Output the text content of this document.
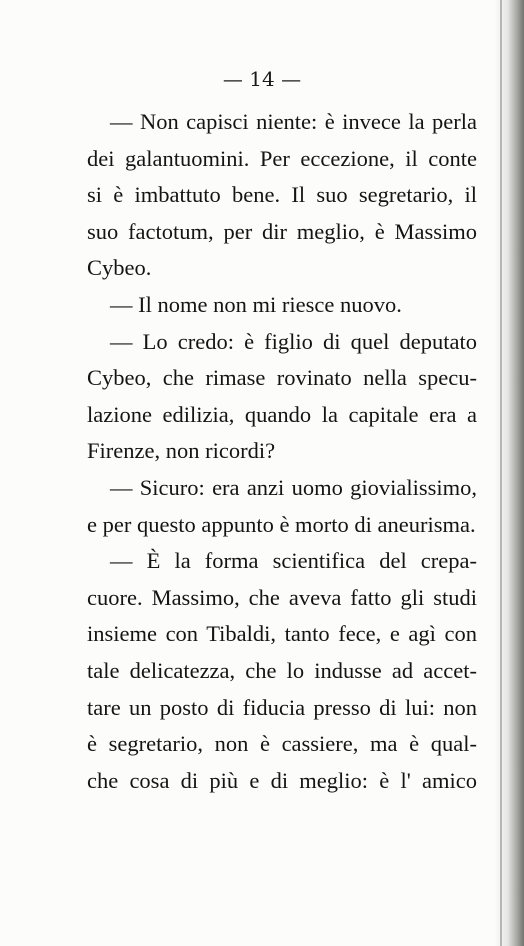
— 14 —
— Non capisci niente: è invece la perla
dei galantuomini. Per eccezione, il conte
si è imbattuto bene. Il suo segretario, il
suo factotum, per dir meglio, è Massimo
Cybeo.
— Il nome non mi riesce nuovo.
— Lo credo: è figlio di quel deputato
Cybeo, che rimase rovinato nella specu-
lazione edilizia, quando la capitale era a
Firenze, non ricordi?
— Sicuro: era anzi uomo giovialissimo,
e per questo appunto è morto di aneurisma.
— È la forma scientifica del crepa-
cuore. Massimo, che aveva fatto gli studi
insieme con Tibaldi, tanto fece, e agì con
tale delicatezza, che lo indusse ad accet-
tare un posto di fiducia presso di lui: non
è segretario, non è cassiere, ma è qual-
che cosa di più e di meglio: è l' amico
